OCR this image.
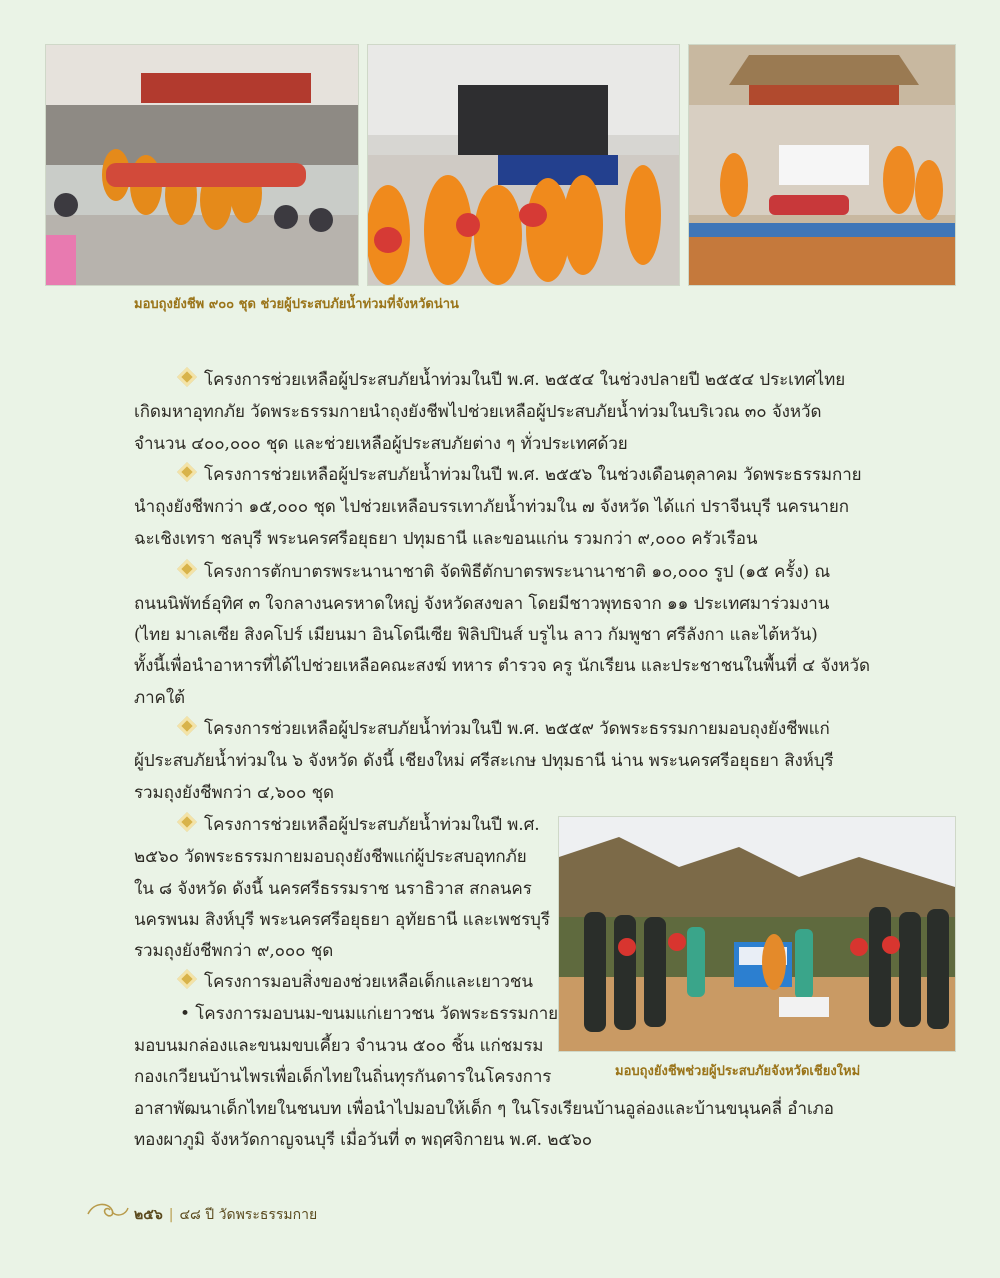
มอบถุงยังชีพ ๙๐๐ ชุด ช่วยผู้ประสบภัยน้ำท่วมที่จังหวัดน่าน
โครงการช่วยเหลือผู้ประสบภัยน้ำท่วมในปี พ.ศ. ๒๕๕๔ ในช่วงปลายปี ๒๕๕๔ ประเทศไทย
เกิดมหาอุทกภัย วัดพระธรรมกายนำถุงยังชีพไปช่วยเหลือผู้ประสบภัยน้ำท่วมในบริเวณ ๓๐ จังหวัด
จำนวน ๔๐๐,๐๐๐ ชุด และช่วยเหลือผู้ประสบภัยต่าง ๆ ทั่วประเทศด้วย
โครงการช่วยเหลือผู้ประสบภัยน้ำท่วมในปี พ.ศ. ๒๕๕๖ ในช่วงเดือนตุลาคม วัดพระธรรมกาย
นำถุงยังชีพกว่า ๑๕,๐๐๐ ชุด ไปช่วยเหลือบรรเทาภัยน้ำท่วมใน ๗ จังหวัด ได้แก่ ปราจีนบุรี นครนายก
ฉะเชิงเทรา ชลบุรี พระนครศรีอยุธยา ปทุมธานี และขอนแก่น รวมกว่า ๙,๐๐๐ ครัวเรือน
โครงการตักบาตรพระนานาชาติ จัดพิธีตักบาตรพระนานาชาติ ๑๐,๐๐๐ รูป (๑๕ ครั้ง) ณ
ถนนนิพัทธ์อุทิศ ๓ ใจกลางนครหาดใหญ่ จังหวัดสงขลา โดยมีชาวพุทธจาก ๑๑ ประเทศมาร่วมงาน
(ไทย มาเลเซีย สิงคโปร์ เมียนมา อินโดนีเซีย ฟิลิปปินส์ บรูไน ลาว กัมพูชา ศรีลังกา และไต้หวัน)
ทั้งนี้เพื่อนำอาหารที่ได้ไปช่วยเหลือคณะสงฆ์ ทหาร ตำรวจ ครู นักเรียน และประชาชนในพื้นที่ ๔ จังหวัด
ภาคใต้
โครงการช่วยเหลือผู้ประสบภัยน้ำท่วมในปี พ.ศ. ๒๕๕๙ วัดพระธรรมกายมอบถุงยังชีพแก่
ผู้ประสบภัยน้ำท่วมใน ๖ จังหวัด ดังนี้ เชียงใหม่ ศรีสะเกษ ปทุมธานี น่าน พระนครศรีอยุธยา สิงห์บุรี
รวมถุงยังชีพกว่า ๔,๖๐๐ ชุด
โครงการช่วยเหลือผู้ประสบภัยน้ำท่วมในปี พ.ศ.
๒๕๖๐ วัดพระธรรมกายมอบถุงยังชีพแก่ผู้ประสบอุทกภัย
ใน ๘ จังหวัด ดังนี้ นครศรีธรรมราช นราธิวาส สกลนคร
นครพนม สิงห์บุรี พระนครศรีอยุธยา อุทัยธานี และเพชรบุรี
รวมถุงยังชีพกว่า ๙,๐๐๐ ชุด
โครงการมอบสิ่งของช่วยเหลือเด็กและเยาวชน
• โครงการมอบนม-ขนมแก่เยาวชน วัดพระธรรมกาย
มอบนมกล่องและขนมขบเคี้ยว จำนวน ๕๐๐ ชิ้น แก่ชมรม
กองเกวียนบ้านไพรเพื่อเด็กไทยในถิ่นทุรกันดารในโครงการ
อาสาพัฒนาเด็กไทยในชนบท เพื่อนำไปมอบให้เด็ก ๆ ในโรงเรียนบ้านอูล่องและบ้านขนุนคลี่ อำเภอ
ทองผาภูมิ จังหวัดกาญจนบุรี เมื่อวันที่ ๓ พฤศจิกายน พ.ศ. ๒๕๖๐
มอบถุงยังชีพช่วยผู้ประสบภัยจังหวัดเชียงใหม่
๒๕๖ | ๔๘ ปี วัดพระธรรมกาย
